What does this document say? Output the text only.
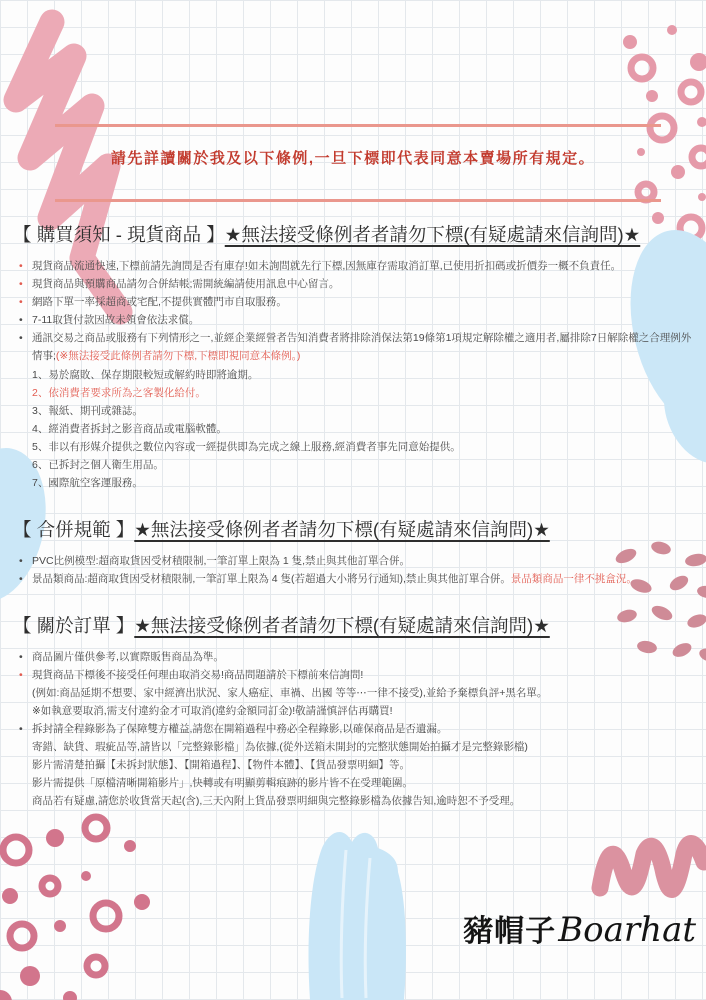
請先詳讀關於我及以下條例,一旦下標即代表同意本賣場所有規定。
【 購買須知 - 現貨商品 】★無法接受條例者者請勿下標(有疑處請來信詢問)★
• 現貨商品流通快速,下標前請先詢問是否有庫存!如未詢問就先行下標,因無庫存需取消訂單,已使用折扣碼或折價券一概不負責任。
• 現貨商品與預購商品請勿合併結帳;需開統編請使用訊息中心留言。
• 網路下單一率採超商或宅配,不提供實體門市自取服務。
• 7-11取貨付款因故未領會依法求償。
• 通訊交易之商品或服務有下列情形之一,並經企業經營者告知消費者將排除消保法第19條第1項規定解除權之適用者,屬排除7日解除權之合理例外情事;(※無法接受此條例者請勿下標,下標即視同意本條例。)
1、易於腐敗、保存期限較短或解約時即將逾期。
2、依消費者要求所為之客製化給付。
3、報紙、期刊或雜誌。
4、經消費者拆封之影音商品或電腦軟體。
5、非以有形媒介提供之數位內容或一經提供即為完成之線上服務,經消費者事先同意始提供。
6、已拆封之個人衛生用品。
7、國際航空客運服務。
【 合併規範 】★無法接受條例者者請勿下標(有疑處請來信詢問)★
• PVC比例模型:超商取貨因受材積限制,一筆訂單上限為 1 隻,禁止與其他訂單合併。
• 景品類商品:超商取貨因受材積限制,一筆訂單上限為 4 隻(若超過大小將另行通知),禁止與其他訂單合併。景品類商品一律不挑盒況。
【 關於訂單 】★無法接受條例者者請勿下標(有疑處請來信詢問)★
• 商品圖片僅供參考,以實際販售商品為準。
• 現貨商品下標後不接受任何理由取消交易!商品問題請於下標前來信詢問!
(例如:商品延期不想要、家中經濟出狀況、家人癌症、車禍、出國 等等⋯一律不接受),並給予棄標負評+黑名單。
※如執意要取消,需支付違約金才可取消(違約金額同訂金)!敬請謹慎評估再購買!
• 拆封請全程錄影為了保障雙方權益,請您在開箱過程中務必全程錄影,以確保商品是否遺漏。
寄錯、缺貨、瑕疵品等,請皆以「完整錄影檔」為依據,(從外送箱未開封的完整狀態開始拍攝才是完整錄影檔)
影片需清楚拍攝【未拆封狀態】、【開箱過程】、【物件本體】、【貨品發票明細】等。
影片需提供「原檔清晰開箱影片」,快轉或有明顯剪輯痕跡的影片皆不在受理範圍。
商品若有疑慮,請您於收貨當天起(含),三天內附上貨品發票明細與完整錄影檔為依據告知,逾時恕不予受理。
豬帽子 Boarhat
